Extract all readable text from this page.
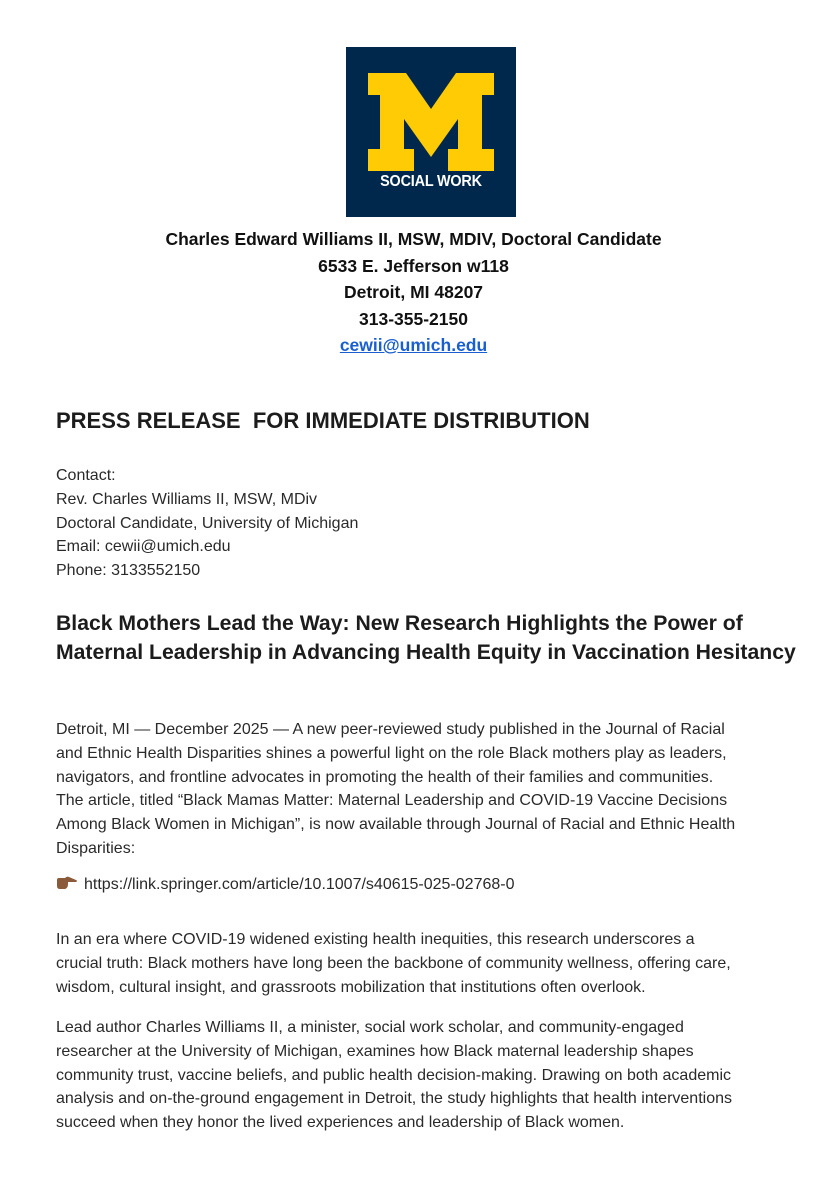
SOCIAL WORK
Charles Edward Williams II, MSW, MDIV, Doctoral Candidate
6533 E. Jefferson w118
Detroit, MI 48207
313-355-2150
cewii@umich.edu
PRESS RELEASE  FOR IMMEDIATE DISTRIBUTION
Contact:
Rev. Charles Williams II, MSW, MDiv
Doctoral Candidate, University of Michigan
Email: cewii@umich.edu
Phone: 3133552150
Black Mothers Lead the Way: New Research Highlights the Power of Maternal Leadership in Advancing Health Equity in Vaccination Hesitancy
Detroit, MI — December 2025 — A new peer-reviewed study published in the Journal of Racial
and Ethnic Health Disparities shines a powerful light on the role Black mothers play as leaders,
navigators, and frontline advocates in promoting the health of their families and communities.
The article, titled “Black Mamas Matter: Maternal Leadership and COVID-19 Vaccine Decisions
Among Black Women in Michigan”, is now available through Journal of Racial and Ethnic Health
Disparities:
https://link.springer.com/article/10.1007/s40615-025-02768-0
In an era where COVID-19 widened existing health inequities, this research underscores a
crucial truth: Black mothers have long been the backbone of community wellness, offering care,
wisdom, cultural insight, and grassroots mobilization that institutions often overlook.
Lead author Charles Williams II, a minister, social work scholar, and community-engaged
researcher at the University of Michigan, examines how Black maternal leadership shapes
community trust, vaccine beliefs, and public health decision-making. Drawing on both academic
analysis and on-the-ground engagement in Detroit, the study highlights that health interventions
succeed when they honor the lived experiences and leadership of Black women.
